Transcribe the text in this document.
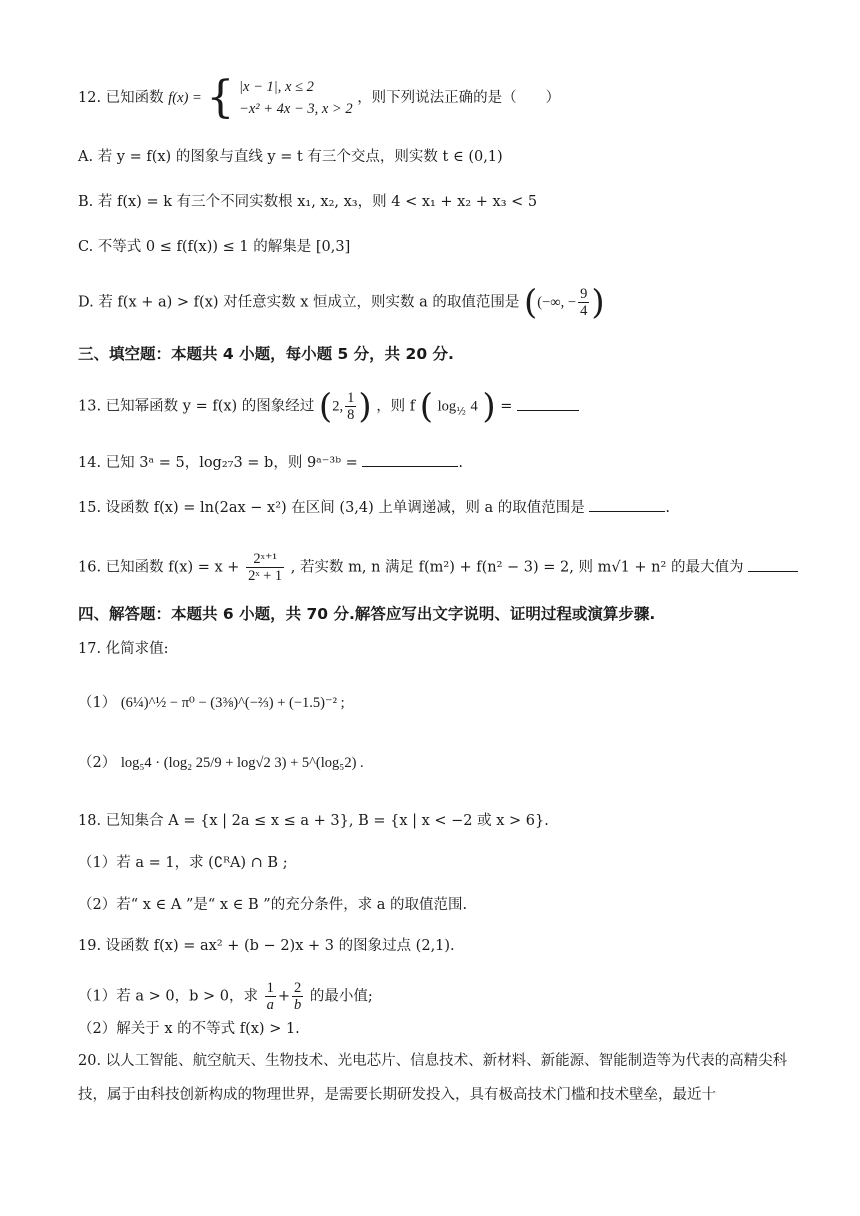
12. 已知函数 f(x) = { |x − 1|, x ≤ 2
−x² + 4x − 3, x > 2
，则下列说法正确的是（　　）
A. 若 y = f(x) 的图象与直线 y = t 有三个交点，则实数 t ∈ (0,1)
B. 若 f(x) = k 有三个不同实数根 x₁, x₂, x₃，则 4 < x₁ + x₂ + x₃ < 5
C. 不等式 0 ≤ f(f(x)) ≤ 1 的解集是 [0,3]
D. 若 f(x + a) > f(x) 对任意实数 x 恒成立，则实数 a 的取值范围是 ((−∞, − $\frac{9}{4}$ )
三、填空题：本题共 4 小题，每小题 5 分，共 20 分.
13. 已知幂函数 y = f(x) 的图象经过 (2, $\frac{1}{8}$ ) ，则 f ( $\log_{\frac{1}{2}} 4$ ) =
14. 已知 3ᵃ = 5，log₂₇3 = b，则 9ᵃ⁻³ᵇ =	.
15. 设函数 f(x) = ln(2ax − x²) 在区间 (3,4) 上单调递减，则 a 的取值范围是	.
16. 已知函数 $f(x) = x + \frac{\text{2ˣ⁺¹}}{\text{2ˣ + 1}}$ , 若实数 m, n 满足 f(m²) + f(n² − 3) = 2, 则 m√1 + n² 的最大值为
四、解答题：本题共 6 小题，共 70 分.解答应写出文字说明、证明过程或演算步骤.
17. 化简求值:
（1） (6¼)^½ − π⁰ − (3⅜)^(−⅔) + (−1.5)⁻² ;
（2） log₅4 · (log₂ 25/9 + log√2 3) + 5^(log₅2) .
18. 已知集合 A = {x | 2a ≤ x ≤ a + 3}, B = {x | x < −2 或 x > 6}.
（1）若 a = 1，求 (∁ᴿA) ∩ B ;
（2）若“ x ∈ A ”是“ x ∈ B ”的充分条件，求 a 的取值范围.
19. 设函数 f(x) = ax² + (b − 2)x + 3 的图象过点 (2,1).
（1）若 a > 0，b > 0，求 $\frac{1}{a} + \frac{2}{b}$ 的最小值;
（2）解关于 x 的不等式 f(x) > 1.
20. 以人工智能、航空航天、生物技术、光电芯片、信息技术、新材料、新能源、智能制造等为代表的高精尖科技，属于由科技创新构成的物理世界，是需要长期研发投入，具有极高技术门槛和技术壁垒，最近十
